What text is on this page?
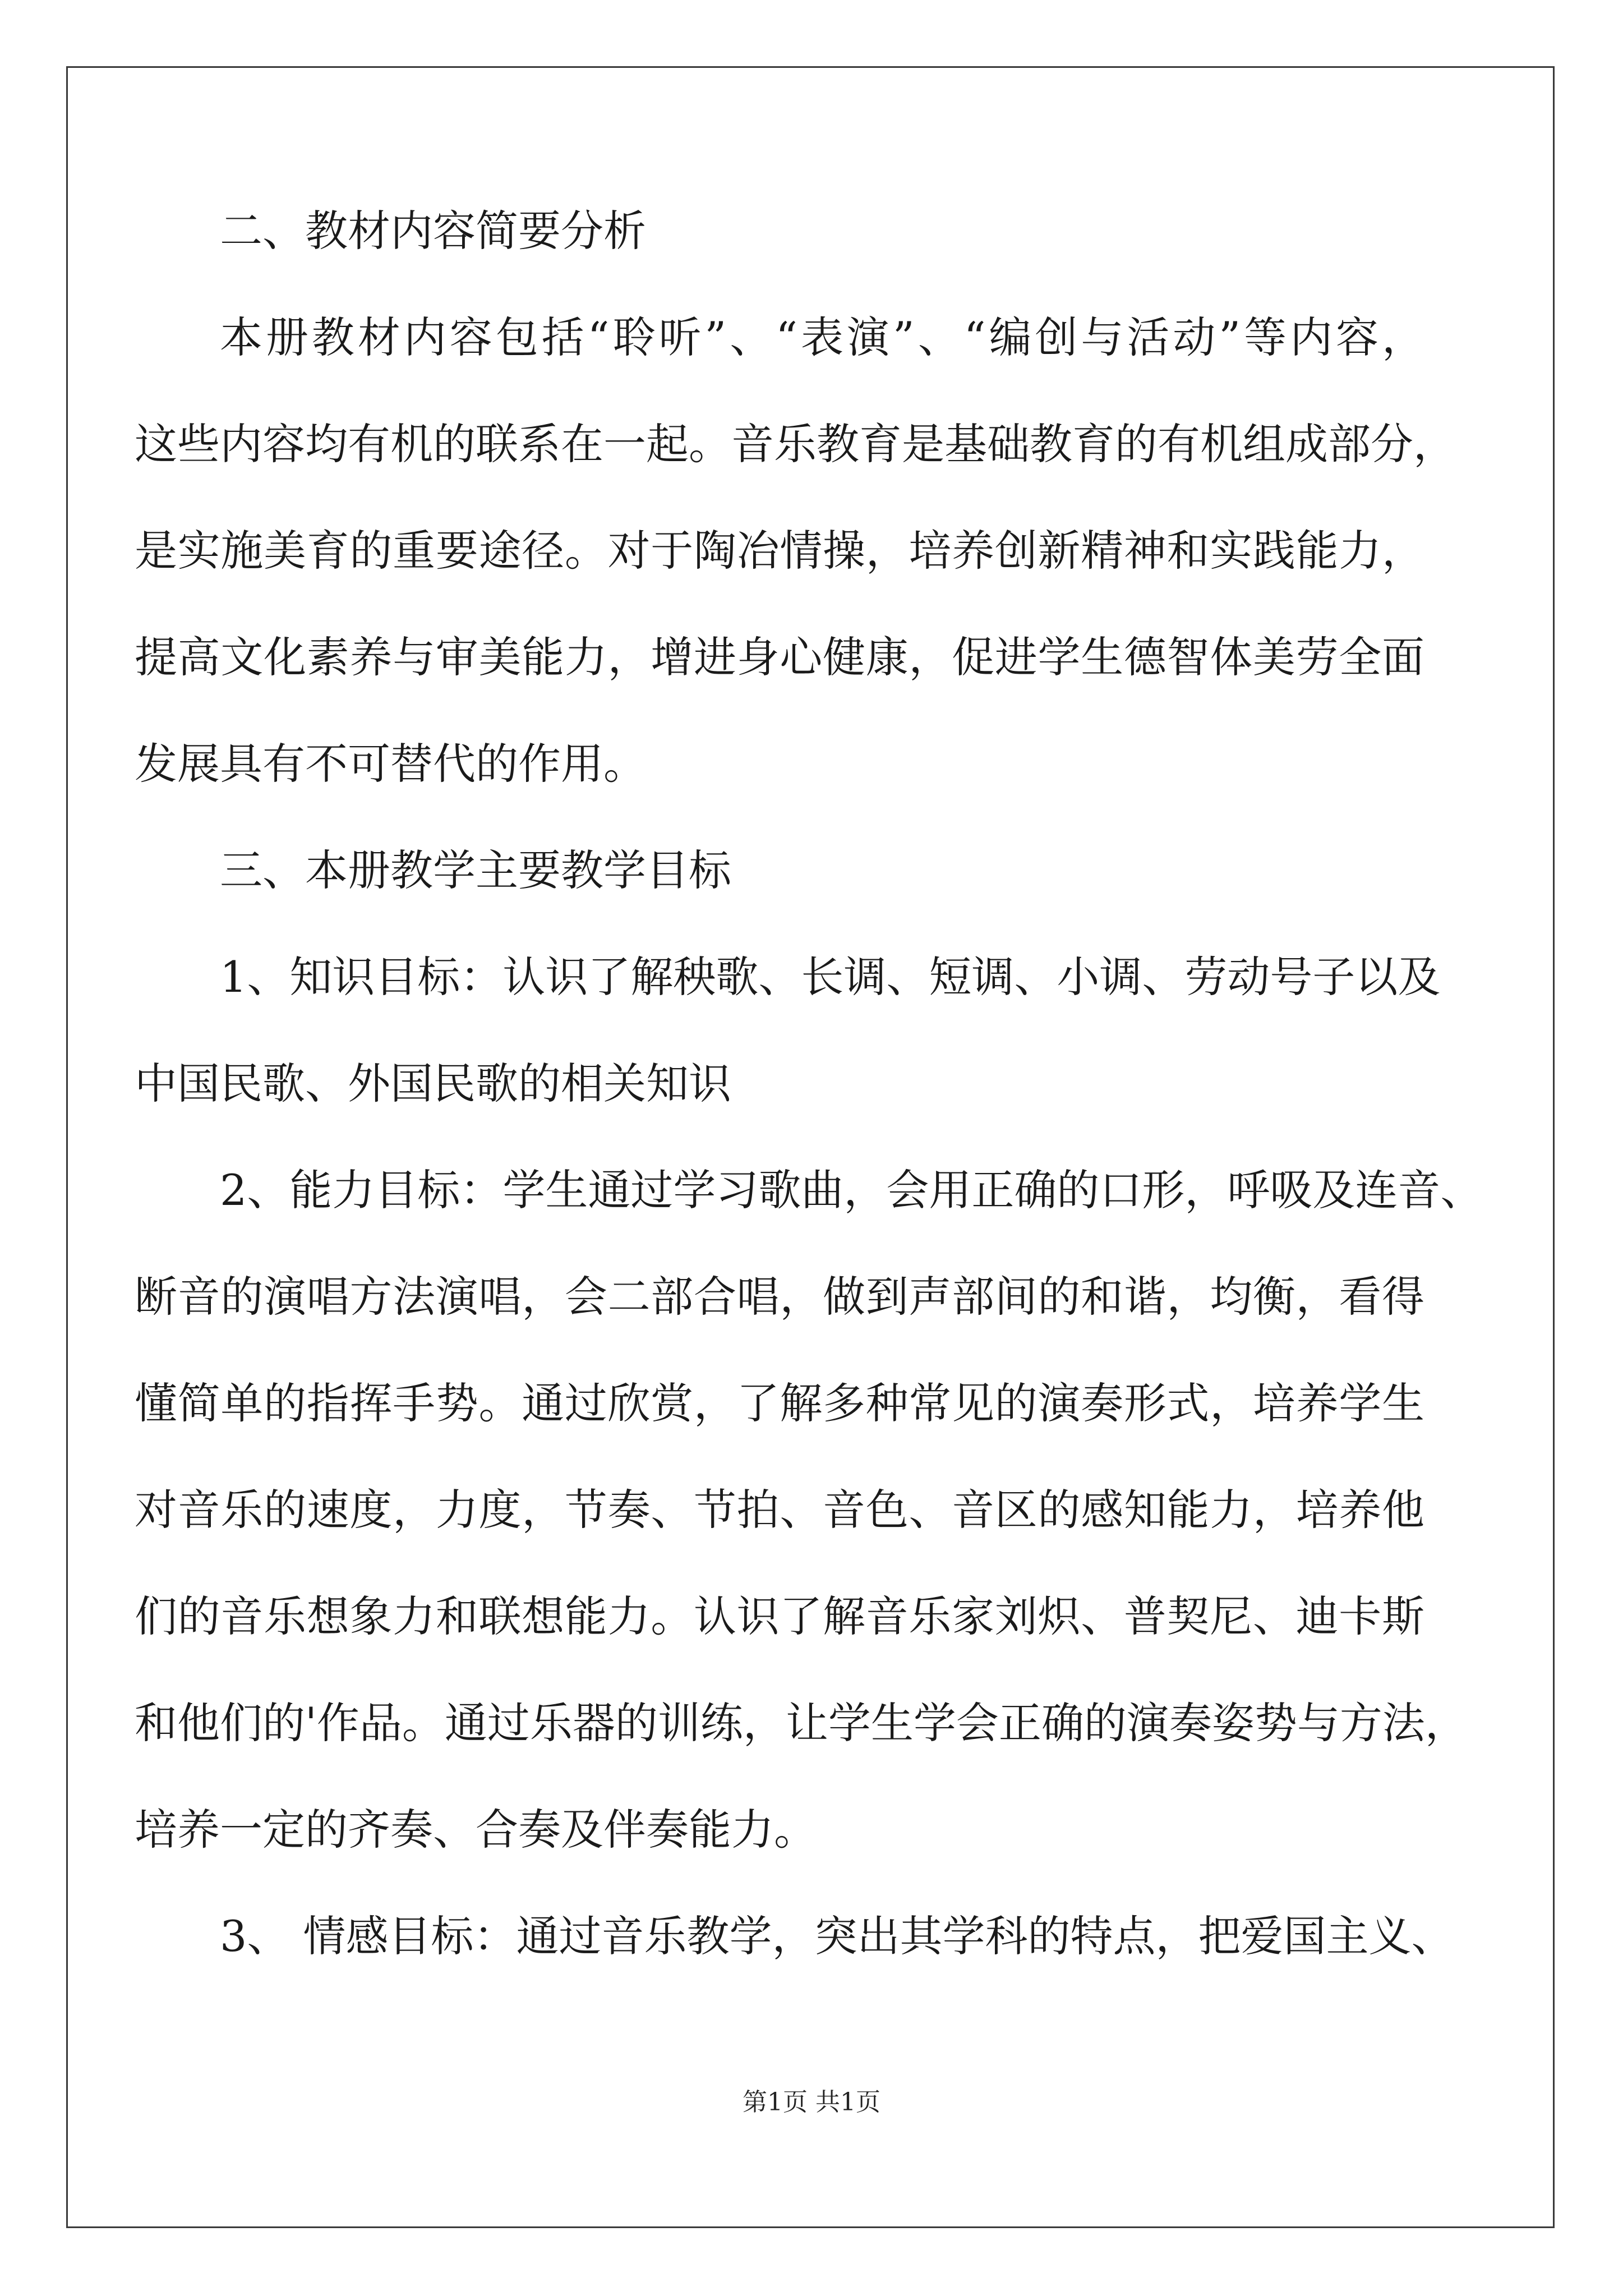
二、教材内容简要分析
本册教材内容包括“聆听”、“表演”、“编创与活动”等内容，
这些内容均有机的联系在一起。音乐教育是基础教育的有机组成部分，
是实施美育的重要途径。对于陶冶情操，培养创新精神和实践能力，
提高文化素养与审美能力，增进身心健康，促进学生德智体美劳全面
发展具有不可替代的作用。
三、本册教学主要教学目标
1、知识目标：认识了解秧歌、长调、短调、小调、劳动号子以及
中国民歌、外国民歌的相关知识
2、能力目标：学生通过学习歌曲，会用正确的口形，呼吸及连音、
断音的演唱方法演唱，会二部合唱，做到声部间的和谐，均衡，看得
懂简单的指挥手势。通过欣赏，了解多种常见的演奏形式，培养学生
对音乐的速度，力度，节奏、节拍、音色、音区的感知能力，培养他
们的音乐想象力和联想能力。认识了解音乐家刘炽、普契尼、迪卡斯
和他们的'作品。通过乐器的训练，让学生学会正确的演奏姿势与方法，
培养一定的齐奏、合奏及伴奏能力。
3、 情感目标：通过音乐教学，突出其学科的特点，把爱国主义、
第1页 共1页
